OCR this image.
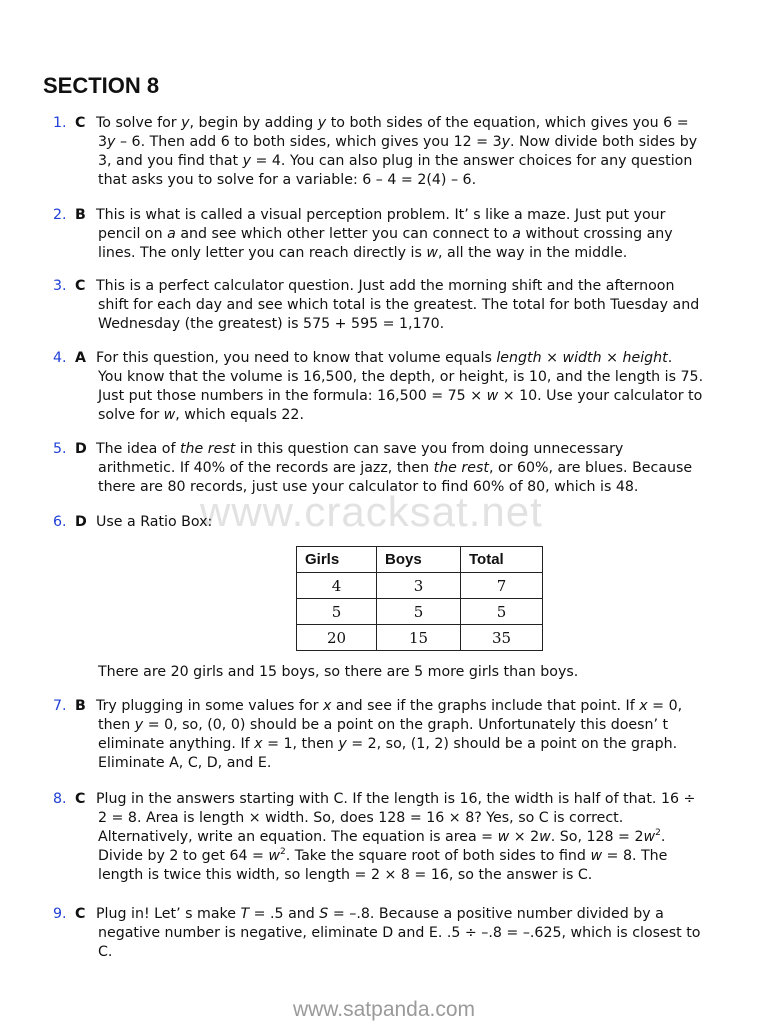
www.cracksat.net
SECTION 8
1. C To solve for y, begin by adding y to both sides of the equation, which gives you 6 =
3y – 6. Then add 6 to both sides, which gives you 12 = 3y. Now divide both sides by
3, and you find that y = 4. You can also plug in the answer choices for any question
that asks you to solve for a variable: 6 – 4 = 2(4) – 6.
2. B This is what is called a visual perception problem. It’ s like a maze. Just put your
pencil on a and see which other letter you can connect to a without crossing any
lines. The only letter you can reach directly is w, all the way in the middle.
3. C This is a perfect calculator question. Just add the morning shift and the afternoon
shift for each day and see which total is the greatest. The total for both Tuesday and
Wednesday (the greatest) is 575 + 595 = 1,170.
4. A For this question, you need to know that volume equals length × width × height.
You know that the volume is 16,500, the depth, or height, is 10, and the length is 75.
Just put those numbers in the formula: 16,500 = 75 × w × 10. Use your calculator to
solve for w, which equals 22.
5. D The idea of the rest in this question can save you from doing unnecessary
arithmetic. If 40% of the records are jazz, then the rest, or 60%, are blues. Because
there are 80 records, just use your calculator to find 60% of 80, which is 48.
6. D Use a Ratio Box:
7. B Try plugging in some values for x and see if the graphs include that point. If x = 0,
then y = 0, so, (0, 0) should be a point on the graph. Unfortunately this doesn’ t
eliminate anything. If x = 1, then y = 2, so, (1, 2) should be a point on the graph.
Eliminate A, C, D, and E.
8. C Plug in the answers starting with C. If the length is 16, the width is half of that. 16 ÷
2 = 8. Area is length × width. So, does 128 = 16 × 8? Yes, so C is correct.
Alternatively, write an equation. The equation is area = w × 2w. So, $128 = 2w^2$.
Divide by 2 to get $64 = w^2$. Take the square root of both sides to find w = 8. The
length is twice this width, so length = 2 × 8 = 16, so the answer is C.
9. C Plug in! Let’ s make T = .5 and S = –.8. Because a positive number divided by a
negative number is negative, eliminate D and E. .5 ÷ –.8 = –.625, which is closest to
C.
Girls	Boys	Total
4	3	7
5	5	5
20	15	35
There are 20 girls and 15 boys, so there are 5 more girls than boys.
www.satpanda.com
